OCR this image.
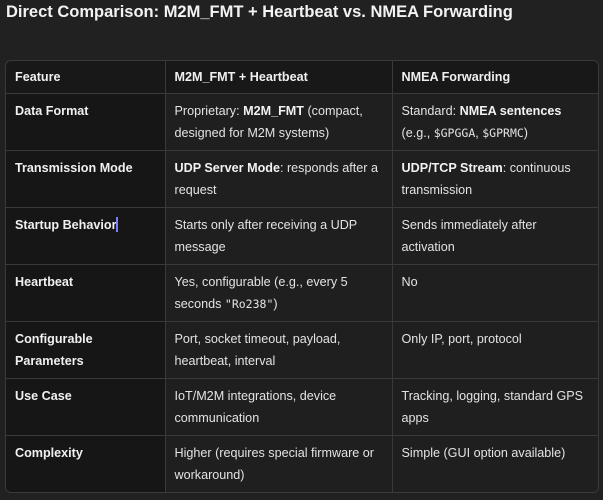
Direct Comparison: M2M_FMT + Heartbeat vs. NMEA Forwarding
Feature	M2M_FMT + Heartbeat	NMEA Forwarding
Data Format	Proprietary: M2M_FMT (compact, designed for M2M systems)	Standard: NMEA sentences (e.g., $GPGGA, $GPRMC)
Transmission Mode	UDP Server Mode: responds after a request	UDP/TCP Stream: continuous transmission
Startup Behavior	Starts only after receiving a UDP message	Sends immediately after activation
Heartbeat	Yes, configurable (e.g., every 5 seconds "Ro238")	No
Configurable Parameters	Port, socket timeout, payload, heartbeat, interval	Only IP, port, protocol
Use Case	IoT/M2M integrations, device communication	Tracking, logging, standard GPS apps
Complexity	Higher (requires special firmware or workaround)	Simple (GUI option available)
